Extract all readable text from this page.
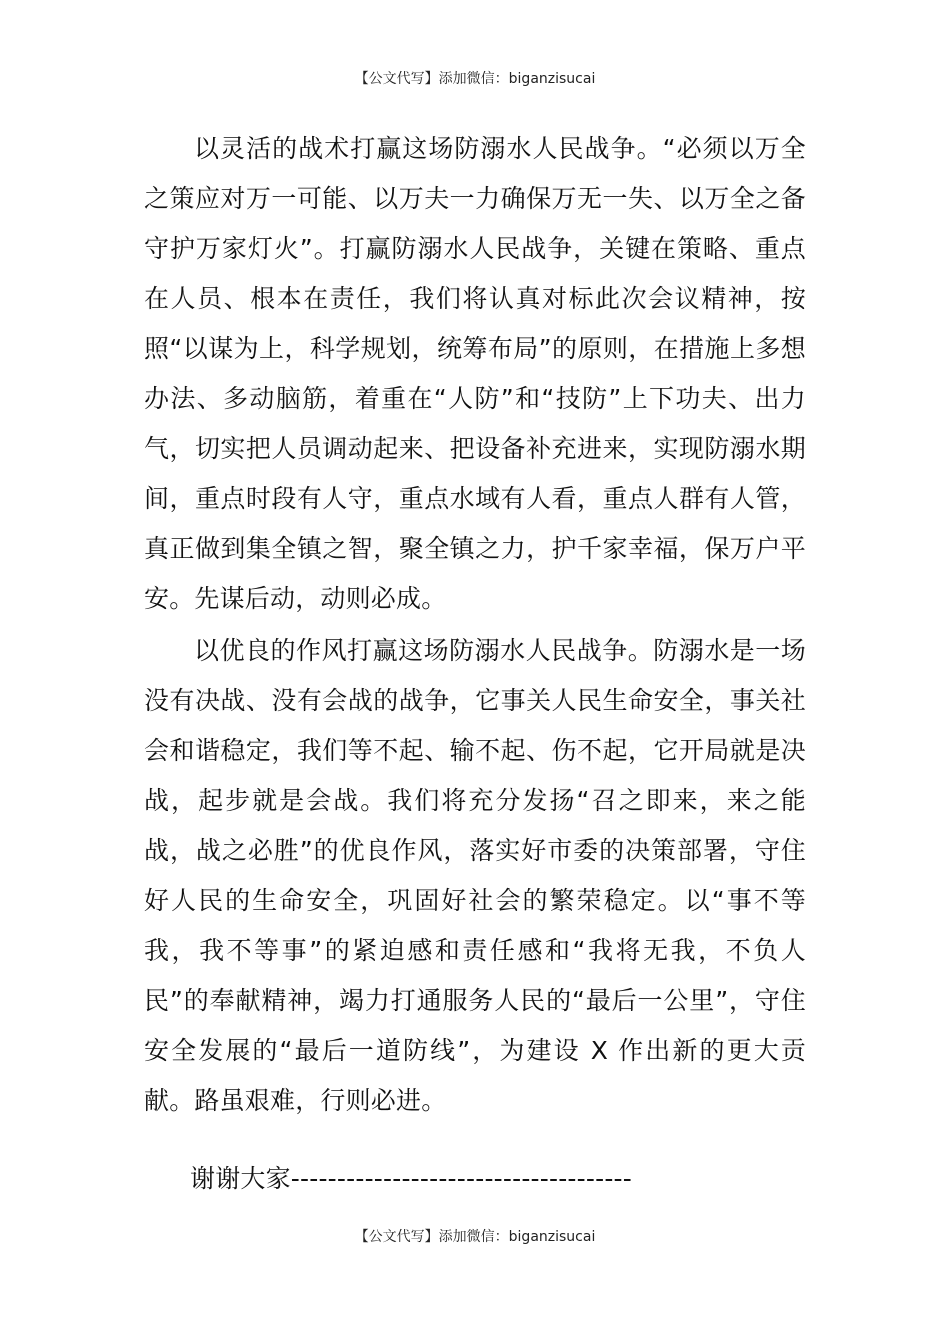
【公文代写】添加微信：biganzisucai

以灵活的战术打赢这场防溺水人民战争。“必须以万全之策应对万一可能、以万夫一力确保万无一失、以万全之备守护万家灯火”。打赢防溺水人民战争，关键在策略、重点在人员、根本在责任，我们将认真对标此次会议精神，按照“以谋为上，科学规划，统筹布局”的原则，在措施上多想办法、多动脑筋，着重在“人防”和“技防”上下功夫、出力气，切实把人员调动起来、把设备补充进来，实现防溺水期间，重点时段有人守，重点水域有人看，重点人群有人管，真正做到集全镇之智，聚全镇之力，护千家幸福，保万户平安。先谋后动，动则必成。

以优良的作风打赢这场防溺水人民战争。防溺水是一场没有决战、没有会战的战争，它事关人民生命安全，事关社会和谐稳定，我们等不起、输不起、伤不起，它开局就是决战，起步就是会战。我们将充分发扬“召之即来，来之能战，战之必胜”的优良作风，落实好市委的决策部署，守住好人民的生命安全，巩固好社会的繁荣稳定。以“事不等我，我不等事”的紧迫感和责任感和“我将无我，不负人民”的奉献精神，竭力打通服务人民的“最后一公里”，守住安全发展的“最后一道防线”，为建设 X 作出新的更大贡献。路虽艰难，行则必进。

谢谢大家-------------------------------------
【公文代写】添加微信：biganzisucai
